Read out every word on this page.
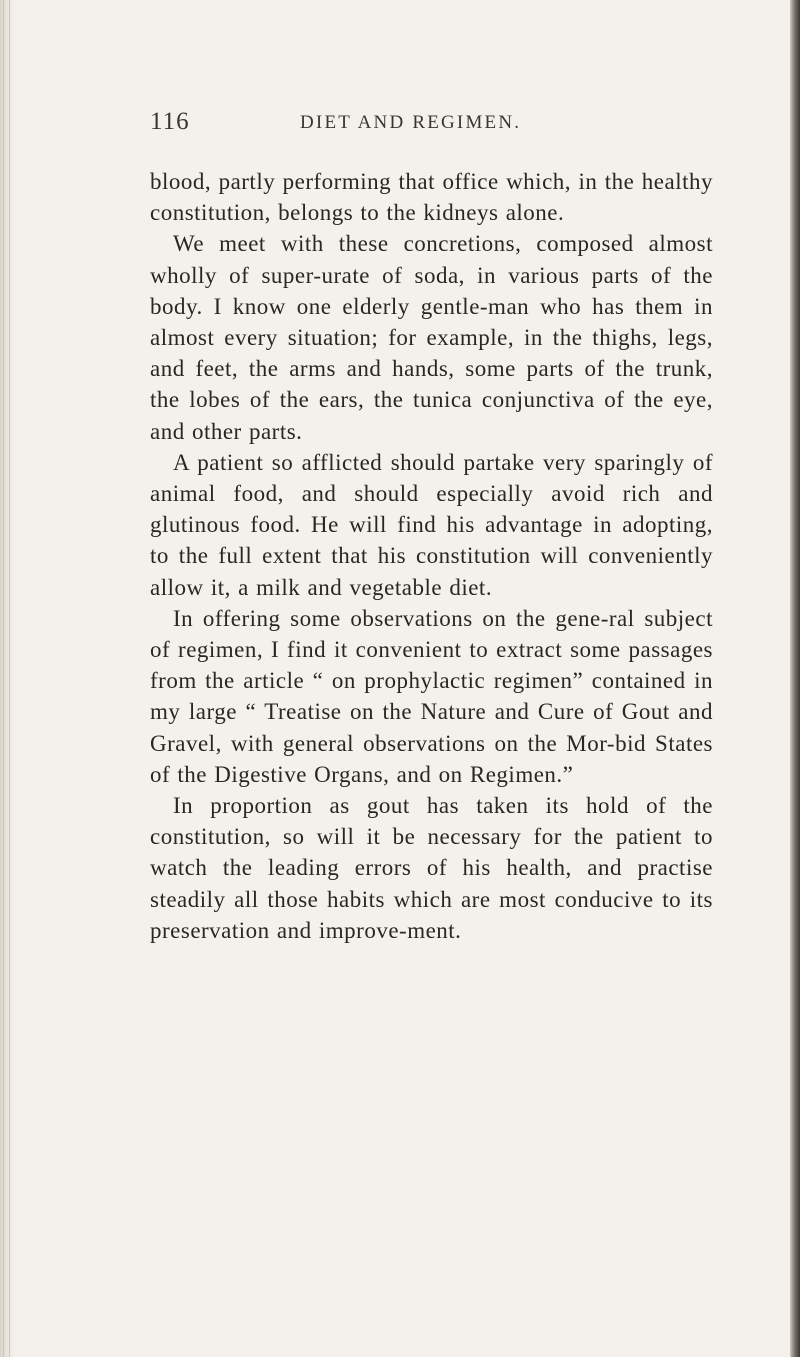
116	DIET AND REGIMEN.

blood, partly performing that office which, in the healthy constitution, belongs to the kidneys alone.

We meet with these concretions, composed almost wholly of super-urate of soda, in various parts of the body. I know one elderly gentle-man who has them in almost every situation; for example, in the thighs, legs, and feet, the arms and hands, some parts of the trunk, the lobes of the ears, the tunica conjunctiva of the eye, and other parts.

A patient so afflicted should partake very sparingly of animal food, and should especially avoid rich and glutinous food. He will find his advantage in adopting, to the full extent that his constitution will conveniently allow it, a milk and vegetable diet.

In offering some observations on the gene-ral subject of regimen, I find it convenient to extract some passages from the article “ on prophylactic regimen” contained in my large “ Treatise on the Nature and Cure of Gout and Gravel, with general observations on the Mor-bid States of the Digestive Organs, and on Regimen.”

In proportion as gout has taken its hold of the constitution, so will it be necessary for the patient to watch the leading errors of his health, and practise steadily all those habits which are most conducive to its preservation and improve-ment.
